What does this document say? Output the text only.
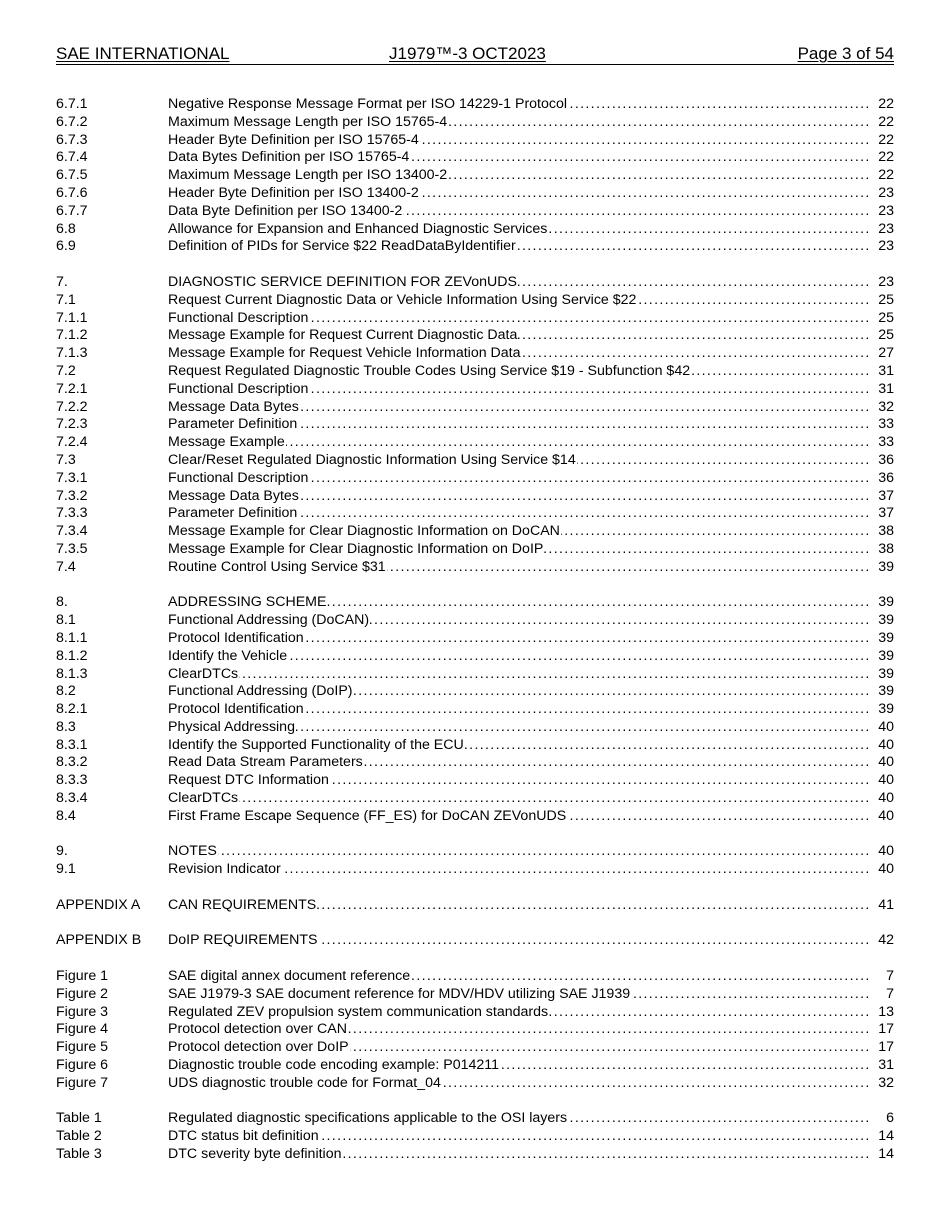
SAE INTERNATIONAL	J1979™-3 OCT2023	Page 3 of 54
6.7.1	. . . Negative Response Message Format per ISO 14229-1 Protocol	22
6.7.2	. . . Maximum Message Length per ISO 15765-4	22
6.7.3	. . . Header Byte Definition per ISO 15765-4	22
6.7.4	. . . Data Bytes Definition per ISO 15765-4	22
6.7.5	. . . Maximum Message Length per ISO 13400-2	22
6.7.6	. . . Header Byte Definition per ISO 13400-2	23
6.7.7	. . . Data Byte Definition per ISO 13400-2	23
6.8	. . . Allowance for Expansion and Enhanced Diagnostic Services	23
6.9	. . . Definition of PIDs for Service $22 ReadDataByIdentifier	23
7.	. . . DIAGNOSTIC SERVICE DEFINITION FOR ZEVonUDS	23
7.1	. . . Request Current Diagnostic Data or Vehicle Information Using Service $22	25
7.1.1	. . . Functional Description	25
7.1.2	. . . Message Example for Request Current Diagnostic Data	25
7.1.3	. . . Message Example for Request Vehicle Information Data	27
7.2	. . . Request Regulated Diagnostic Trouble Codes Using Service $19 - Subfunction $42	31
7.2.1	. . . Functional Description	31
7.2.2	. . . Message Data Bytes	32
7.2.3	. . . Parameter Definition	33
7.2.4	. . . Message Example	33
7.3	. . . Clear/Reset Regulated Diagnostic Information Using Service $14	36
7.3.1	. . . Functional Description	36
7.3.2	. . . Message Data Bytes	37
7.3.3	. . . Parameter Definition	37
7.3.4	. . . Message Example for Clear Diagnostic Information on DoCAN	38
7.3.5	. . . Message Example for Clear Diagnostic Information on DoIP	38
7.4	. . . Routine Control Using Service $31	39
8.	. . . ADDRESSING SCHEME	39
8.1	. . . Functional Addressing (DoCAN)	39
8.1.1	. . . Protocol Identification	39
8.1.2	. . . Identify the Vehicle	39
8.1.3	. . . ClearDTCs	39
8.2	. . . Functional Addressing (DoIP)	39
8.2.1	. . . Protocol Identification	39
8.3	. . . Physical Addressing	40
8.3.1	. . . Identify the Supported Functionality of the ECU	40
8.3.2	. . . Read Data Stream Parameters	40
8.3.3	. . . Request DTC Information	40
8.3.4	. . . ClearDTCs	40
8.4	. . . First Frame Escape Sequence (FF_ES) for DoCAN ZEVonUDS	40
9.	. . . NOTES	40
9.1	. . . Revision Indicator	40
APPENDIX A . . . CAN REQUIREMENTS	41
APPENDIX B . . . DoIP REQUIREMENTS	42
Figure 1	. . . SAE digital annex document reference	7
Figure 2	. . . SAE J1979-3 SAE document reference for MDV/HDV utilizing SAE J1939	7
Figure 3	. . . Regulated ZEV propulsion system communication standards	13
Figure 4	. . . Protocol detection over CAN	17
Figure 5	. . . Protocol detection over DoIP	17
Figure 6	. . . Diagnostic trouble code encoding example: P014211	31
Figure 7	. . . UDS diagnostic trouble code for Format_04	32
Table 1	. . . Regulated diagnostic specifications applicable to the OSI layers	6
Table 2	. . . DTC status bit definition	14
Table 3	. . . DTC severity byte definition	14
